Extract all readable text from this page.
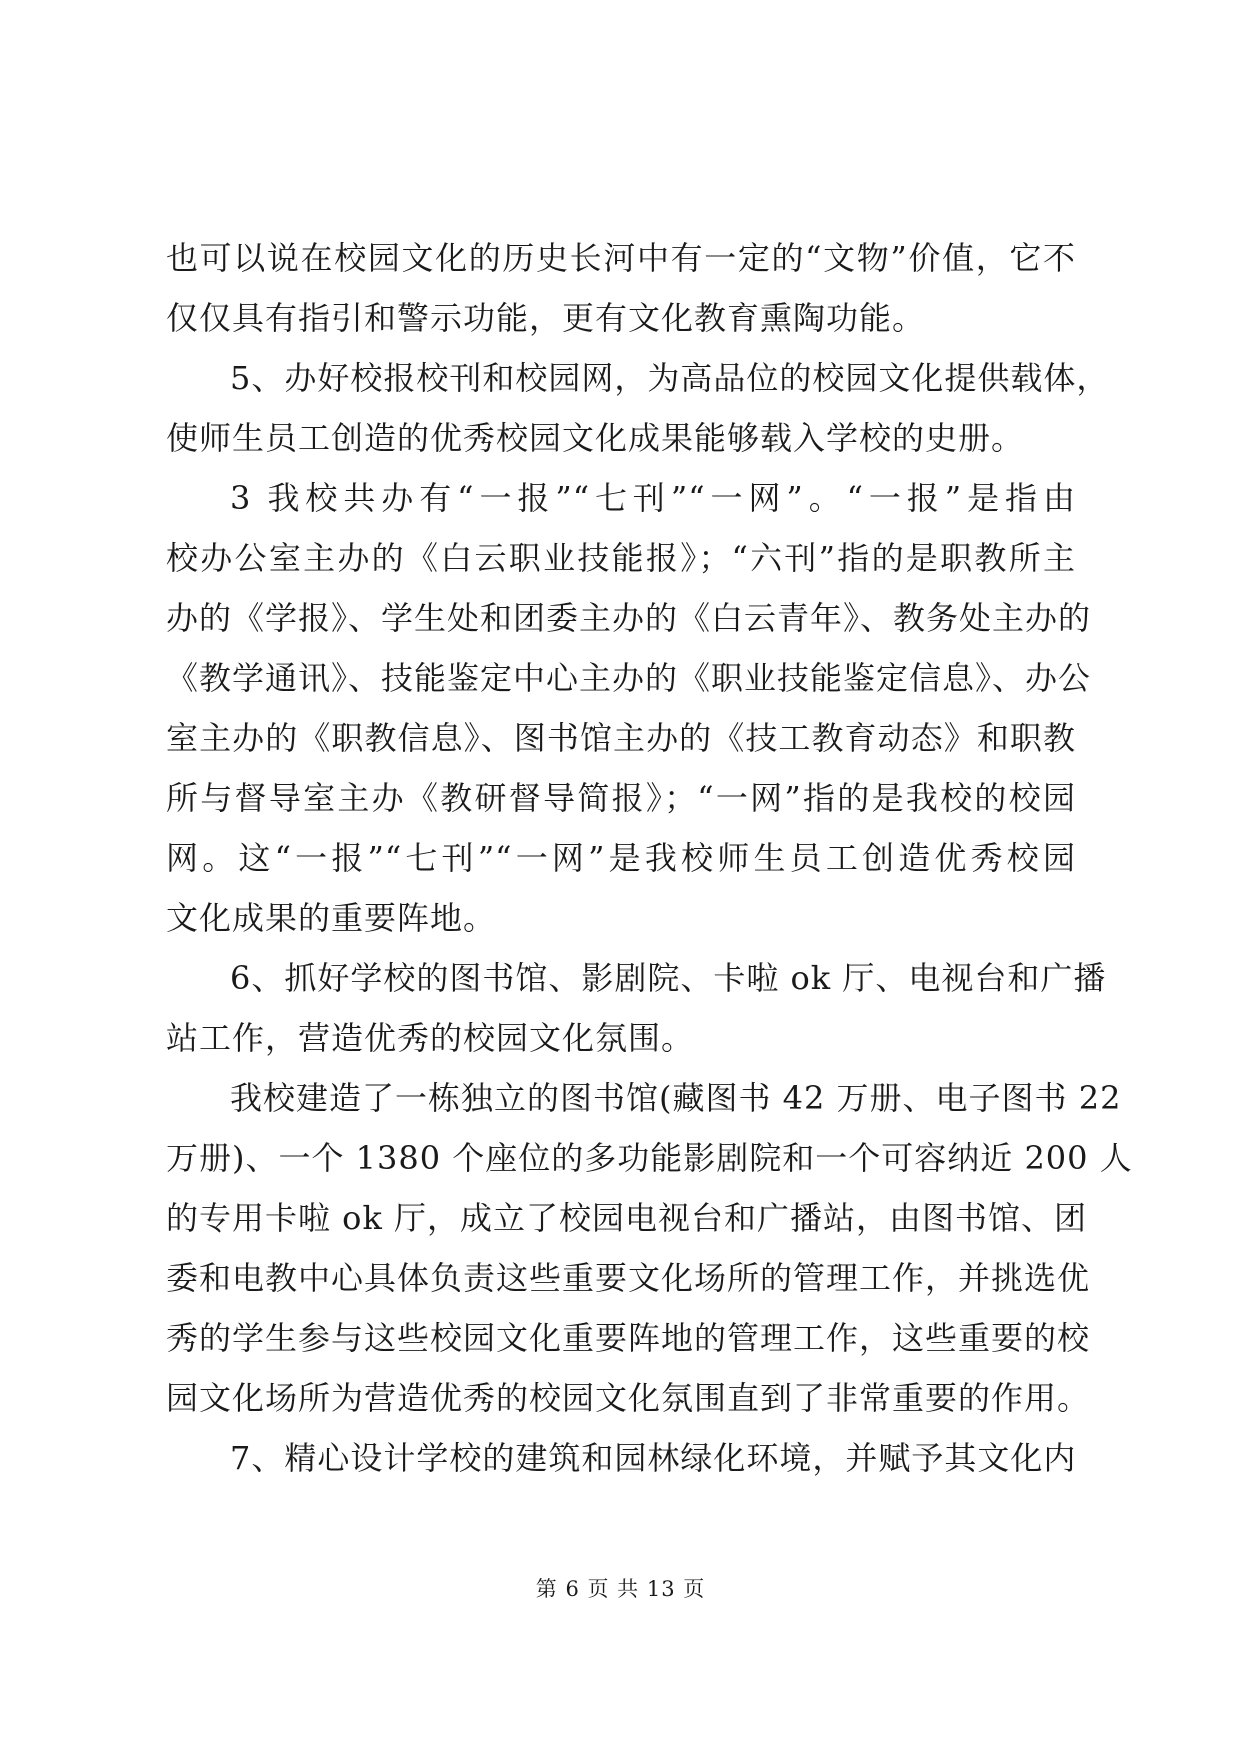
也可以说在校园文化的历史长河中有一定的“文物”价值，它不
仅仅具有指引和警示功能，更有文化教育熏陶功能。
5、办好校报校刊和校园网，为高品位的校园文化提供载体，
使师生员工创造的优秀校园文化成果能够载入学校的史册。
3 我校共办有“一报”“七刊”“一网”。“一报”是指由
校办公室主办的《白云职业技能报》；“六刊”指的是职教所主
办的《学报》、学生处和团委主办的《白云青年》、教务处主办的
《教学通讯》、技能鉴定中心主办的《职业技能鉴定信息》、办公
室主办的《职教信息》、图书馆主办的《技工教育动态》和职教
所与督导室主办《教研督导简报》；“一网”指的是我校的校园
网。这“一报”“七刊”“一网”是我校师生员工创造优秀校园
文化成果的重要阵地。
6、抓好学校的图书馆、影剧院、卡啦 ok 厅、电视台和广播
站工作，营造优秀的校园文化氛围。
我校建造了一栋独立的图书馆(藏图书 42 万册、电子图书 22
万册)、一个 1380 个座位的多功能影剧院和一个可容纳近 200 人
的专用卡啦 ok 厅，成立了校园电视台和广播站，由图书馆、团
委和电教中心具体负责这些重要文化场所的管理工作，并挑选优
秀的学生参与这些校园文化重要阵地的管理工作，这些重要的校
园文化场所为营造优秀的校园文化氛围直到了非常重要的作用。
7、精心设计学校的建筑和园林绿化环境，并赋予其文化内
第 6 页 共 13 页
